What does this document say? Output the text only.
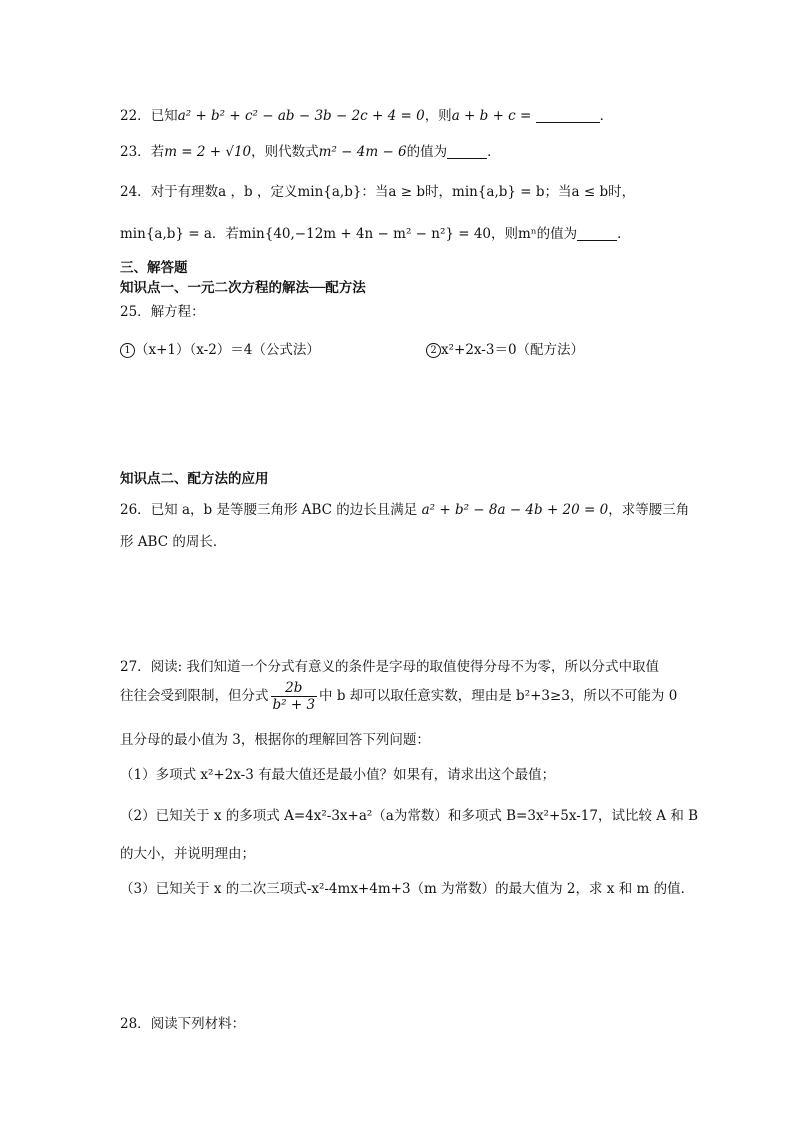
22．已知a² + b² + c² − ab − 3b − 2c + 4 = 0，则a + b + c =	．
23．若m = 2 + √10，则代数式m² − 4m − 6的值为	．
24．对于有理数a ，b ，定义min{a,b}：当a ≥ b时，min{a,b} = b；当a ≤ b时，
min{a,b} = a．若min{40,−12m + 4n − m² − n²} = 40，则mⁿ的值为	．
三、解答题
知识点一、一元二次方程的解法──配方法
25．解方程：
1 （x+1）（x-2）＝4（公式法）	2 x²+2x-3＝0（配方法）
知识点二、配方法的应用
26．已知 a，b 是等腰三角形 ABC 的边长且满足 a² + b² − 8a − 4b + 20 = 0，求等腰三角
形 ABC 的周长．
27．阅读: 我们知道一个分式有意义的条件是字母的取值使得分母不为零，所以分式中取值
往往会受到限制，但分式 $\frac{2b}{\text{b² + 3}}$ 中 b 却可以取任意实数，理由是 b²+3≥3，所以不可能为 0
且分母的最小值为 3，根据你的理解回答下列问题：
（1）多项式 x²+2x-3 有最大值还是最小值？如果有，请求出这个最值；
（2）已知关于 x 的多项式 A=4x²-3x+a²（a为常数）和多项式 B=3x²+5x-17，试比较 A 和 B
的大小，并说明理由；
（3）已知关于 x 的二次三项式-x²-4mx+4m+3（m 为常数）的最大值为 2，求 x 和 m 的值．
28．阅读下列材料：
